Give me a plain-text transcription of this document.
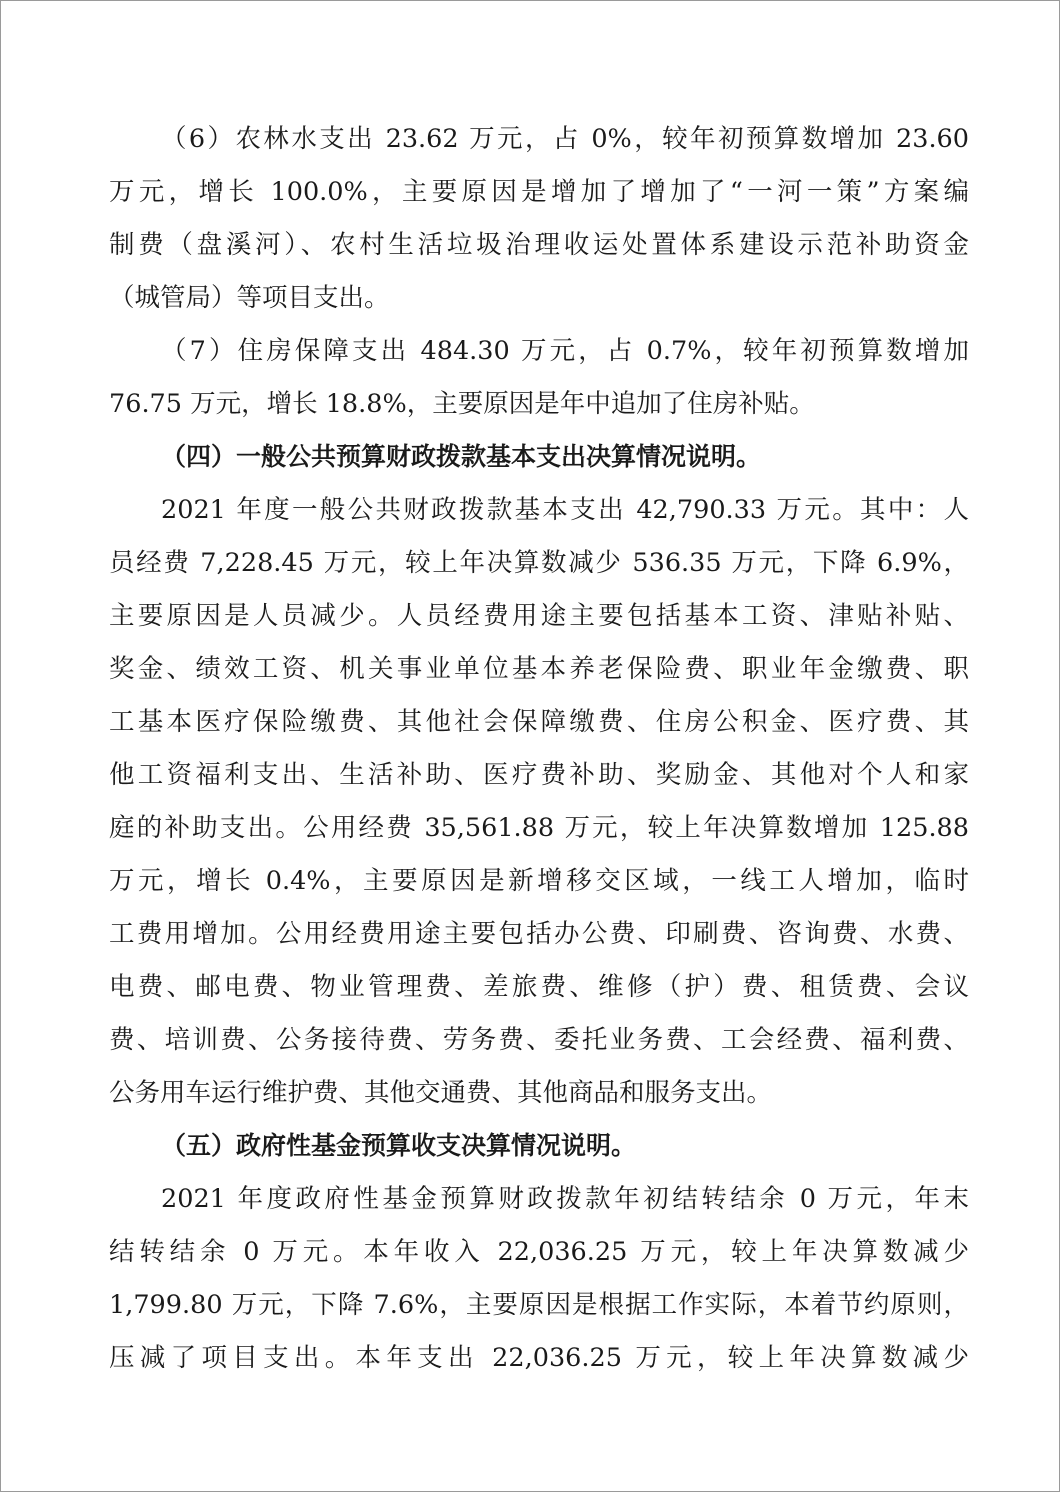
（6）农林水支出 23.62 万元，占 0%，较年初预算数增加 23.60
万元，增长 100.0%，主要原因是增加了增加了“一河一策”方案编
制费（盘溪河）、农村生活垃圾治理收运处置体系建设示范补助资金
（城管局）等项目支出。
（7）住房保障支出 484.30 万元，占 0.7%，较年初预算数增加
76.75 万元，增长 18.8%，主要原因是年中追加了住房补贴。
（四）一般公共预算财政拨款基本支出决算情况说明。
2021 年度一般公共财政拨款基本支出 42,790.33 万元。其中：人
员经费 7,228.45 万元，较上年决算数减少 536.35 万元，下降 6.9%，
主要原因是人员减少。人员经费用途主要包括基本工资、津贴补贴、
奖金、绩效工资、机关事业单位基本养老保险费、职业年金缴费、职
工基本医疗保险缴费、其他社会保障缴费、住房公积金、医疗费、其
他工资福利支出、生活补助、医疗费补助、奖励金、其他对个人和家
庭的补助支出。公用经费 35,561.88 万元，较上年决算数增加 125.88
万元，增长 0.4%，主要原因是新增移交区域，一线工人增加，临时
工费用增加。公用经费用途主要包括办公费、印刷费、咨询费、水费、
电费、邮电费、物业管理费、差旅费、维修（护）费、租赁费、会议
费、培训费、公务接待费、劳务费、委托业务费、工会经费、福利费、
公务用车运行维护费、其他交通费、其他商品和服务支出。
（五）政府性基金预算收支决算情况说明。
2021 年度政府性基金预算财政拨款年初结转结余 0 万元，年末
结转结余 0 万元。本年收入 22,036.25 万元，较上年决算数减少
1,799.80 万元，下降 7.6%，主要原因是根据工作实际，本着节约原则，
压减了项目支出。本年支出 22,036.25 万元，较上年决算数减少
